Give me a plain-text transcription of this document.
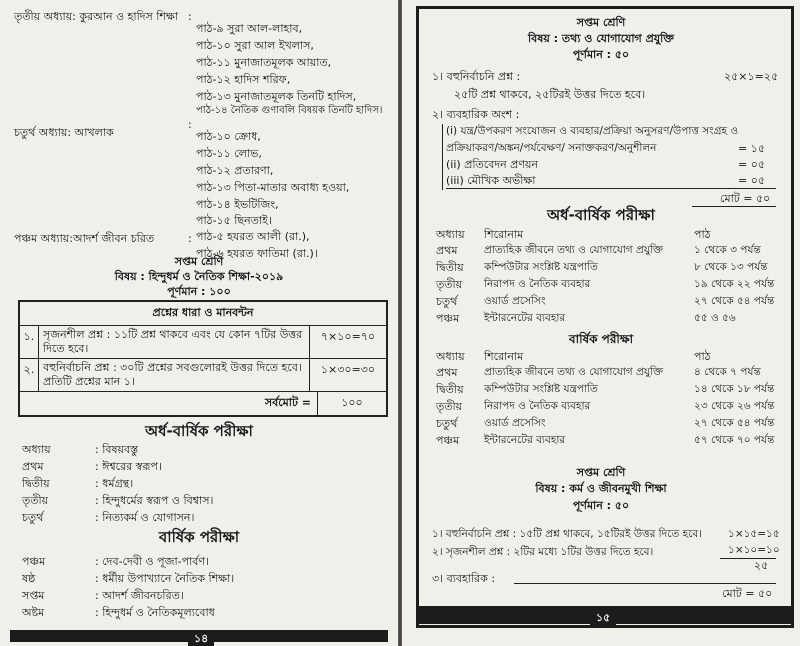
তৃতীয় অধ্যায়: কুরআন ও হাদিস শিক্ষা :
পাঠ-৯ সুরা আল-লাহাব,
পাঠ-১০ সুরা আল ইখলাস,
পাঠ-১১ মুনাজাতমূলক আয়াত,
পাঠ-১২ হাদিস শরিফ,
পাঠ-১৩ মুনাজাতমূলক তিনটি হাদিস,
পাঠ-১৪ নৈতিক গুণাবলি বিষয়ক তিনটি হাদিস।
চতুর্থ অধ্যায়: আখলাক
:
পাঠ-১০ ক্রোধ,
পাঠ-১১ লোভ,
পাঠ-১২ প্রতারণা,
পাঠ-১৩ পিতা-মাতার অবাধ্য হওয়া,
পাঠ-১৪ ইভটিজিং,
পাঠ-১৫ ছিনতাই।
পঞ্চম অধ্যায়:আদর্শ জীবন চরিত	: পাঠ-৫ হযরত আলী (রা.),
পাঠ-৬ হযরত ফাতিমা (রা.)।
সপ্তম শ্রেণি
বিষয় : হিন্দুধর্ম ও নৈতিক শিক্ষা-২০১৯
পূর্ণমান : ১০০
প্রশ্নের ধারা ও মানবন্টন
১. সৃজনশীল প্রশ্ন : ১১টি প্রশ্ন থাকবে এবং যে কোন ৭টির উত্তর দিতে হবে।
৭×১০=৭০
২. বহুনির্বাচনি প্রশ্ন : ৩০টি প্রশ্নের সবগুলোরই উত্তর দিতে হবে। প্রতিটি প্রশ্নের মান ১।
১×৩০=৩০
সর্বমোট =	১০০
অর্ধ-বার্ষিক পরীক্ষা
অধ্যায়	: বিষয়বস্তু
প্রথম	: ঈশ্বরের স্বরূপ।
দ্বিতীয়	: ধর্মগ্রন্থ।
তৃতীয়	: হিন্দুধর্মের স্বরূপ ও বিশ্বাস।
চতুর্থ	: নিত্যকর্ম ও যোগাসন।
বার্ষিক পরীক্ষা
পঞ্চম	: দেব-দেবী ও পূজা-পার্বণ।
ষষ্ঠ	: ধর্মীয় উপাখ্যানে নৈতিক শিক্ষা।
সপ্তম	: আদর্শ জীবনচরিত।
অষ্টম	: হিন্দুধর্ম ও নৈতিকমূল্যবোধ
১৪
সপ্তম শ্রেণি
বিষয় : তথ্য ও যোগাযোগ প্রযুক্তি
পূর্ণমান : ৫০
১। বহুনির্বাচনি প্রশ্ন :	২৫×১=২৫
২৫টি প্রশ্ন থাকবে, ২৫টিরই উত্তর দিতে হবে।
২। ব্যবহারিক অংশ :
(i) যন্ত্র/উপকরণ সংযোজন ও ব্যবহার/প্রক্রিয়া অনুসরণ/উপাত্ত সংগ্রহ ও
প্রক্রিয়াকরণ/অঙ্কন/পর্যবেক্ষণ/ সনাক্তকরণ/অনুশীলন	= ১৫
(ii) প্রতিবেদন প্রণয়ন	= ০৫
(iii) মৌখিক অভীক্ষা	= ০৫
মোট = ৫০
অর্ধ-বার্ষিক পরীক্ষা
অধ্যায় শিরোনাম	পাঠ
প্রথম	প্রাত্যহিক জীবনে তথ্য ও যোগাযোগ প্রযুক্তি	১ থেকে ৩ পর্যন্ত
দ্বিতীয় কম্পিউটার সংশ্লিষ্ট যন্ত্রপাতি	৮ থেকে ১৩ পর্যন্ত
তৃতীয় নিরাপদ ও নৈতিক ব্যবহার	১৯ থেকে ২২ পর্যন্ত
চতুর্থ	ওয়ার্ড প্রসেসিং	২৭ থেকে ৫৪ পর্যন্ত
পঞ্চম ইন্টারনেটের ব্যবহার	৫৫ ও ৫৬
বার্ষিক পরীক্ষা
অধ্যায় শিরোনাম	পাঠ
প্রথম	প্রাত্যহিক জীবনে তথ্য ও যোগাযোগ প্রযুক্তি	৪ থেকে ৭ পর্যন্ত
দ্বিতীয় কম্পিউটার সংশ্লিষ্ট যন্ত্রপাতি	১৪ থেকে ১৮ পর্যন্ত
তৃতীয় নিরাপদ ও নৈতিক ব্যবহার	২৩ থেকে ২৬ পর্যন্ত
চতুর্থ	ওয়ার্ড প্রসেসিং	২৭ থেকে ৫৪ পর্যন্ত
পঞ্চম ইন্টারনেটের ব্যবহার	৫৭ থেকে ৭০ পর্যন্ত
সপ্তম শ্রেণি
বিষয় : কর্ম ও জীবনমুখী শিক্ষা
পূর্ণমান : ৫০
১। বহুনির্বাচনি প্রশ্ন : ১৫টি প্রশ্ন থাকবে, ১৫টিরই উত্তর দিতে হবে। ১×১৫=১৫
২। সৃজনশীল প্রশ্ন : ২টির মধ্যে ১টির উত্তর দিতে হবে।	১×১০=১০
২৫
৩। ব্যবহারিক :
মোট = ৫০
১৫
